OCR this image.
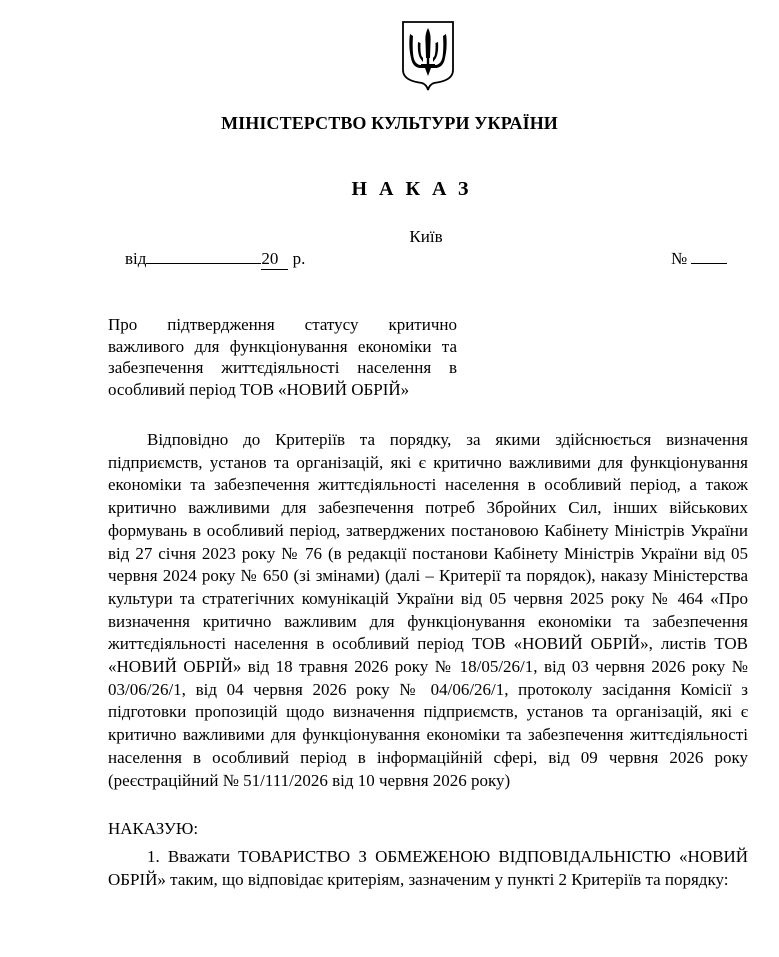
МІНІСТЕРСТВО КУЛЬТУРИ УКРАЇНИ
НАКАЗ
Київ
від	20 р.	№
Про підтвердження статусу критично важливого для функціонування економіки та забезпечення життєдіяльності населення в особливий період ТОВ «НОВИЙ ОБРІЙ»

Відповідно до Критеріїв та порядку, за якими здійснюється визначення підприємств, установ та організацій, які є критично важливими для функціонування економіки та забезпечення життєдіяльності населення в особливий період, а також критично важливими для забезпечення потреб Збройних Сил, інших військових формувань в особливий період, затверджених постановою Кабінету Міністрів України від 27 січня 2023 року № 76 (в редакції постанови Кабінету Міністрів України від 05 червня 2024 року № 650 (зі змінами) (далі – Критерії та порядок), наказу Міністерства культури та стратегічних комунікацій України від 05 червня 2025 року № 464 «Про визначення критично важливим для функціонування економіки та забезпечення життєдіяльності населення в особливий період ТОВ «НОВИЙ ОБРІЙ», листів ТОВ «НОВИЙ ОБРІЙ» від 18 травня 2026 року № 18/05/26/1, від 03 червня 2026 року № 03/06/26/1, від 04 червня 2026 року № 04/06/26/1, протоколу засідання Комісії з підготовки пропозицій щодо визначення підприємств, установ та організацій, які є критично важливими для функціонування економіки та забезпечення життєдіяльності населення в особливий період в інформаційній сфері, від 09 червня 2026 року (реєстраційний № 51/111/2026 від 10 червня 2026 року)

НАКАЗУЮ:

1. Вважати ТОВАРИСТВО З ОБМЕЖЕНОЮ ВІДПОВІДАЛЬНІСТЮ «НОВИЙ ОБРІЙ» таким, що відповідає критеріям, зазначеним у пункті 2 Критеріїв та порядку:
